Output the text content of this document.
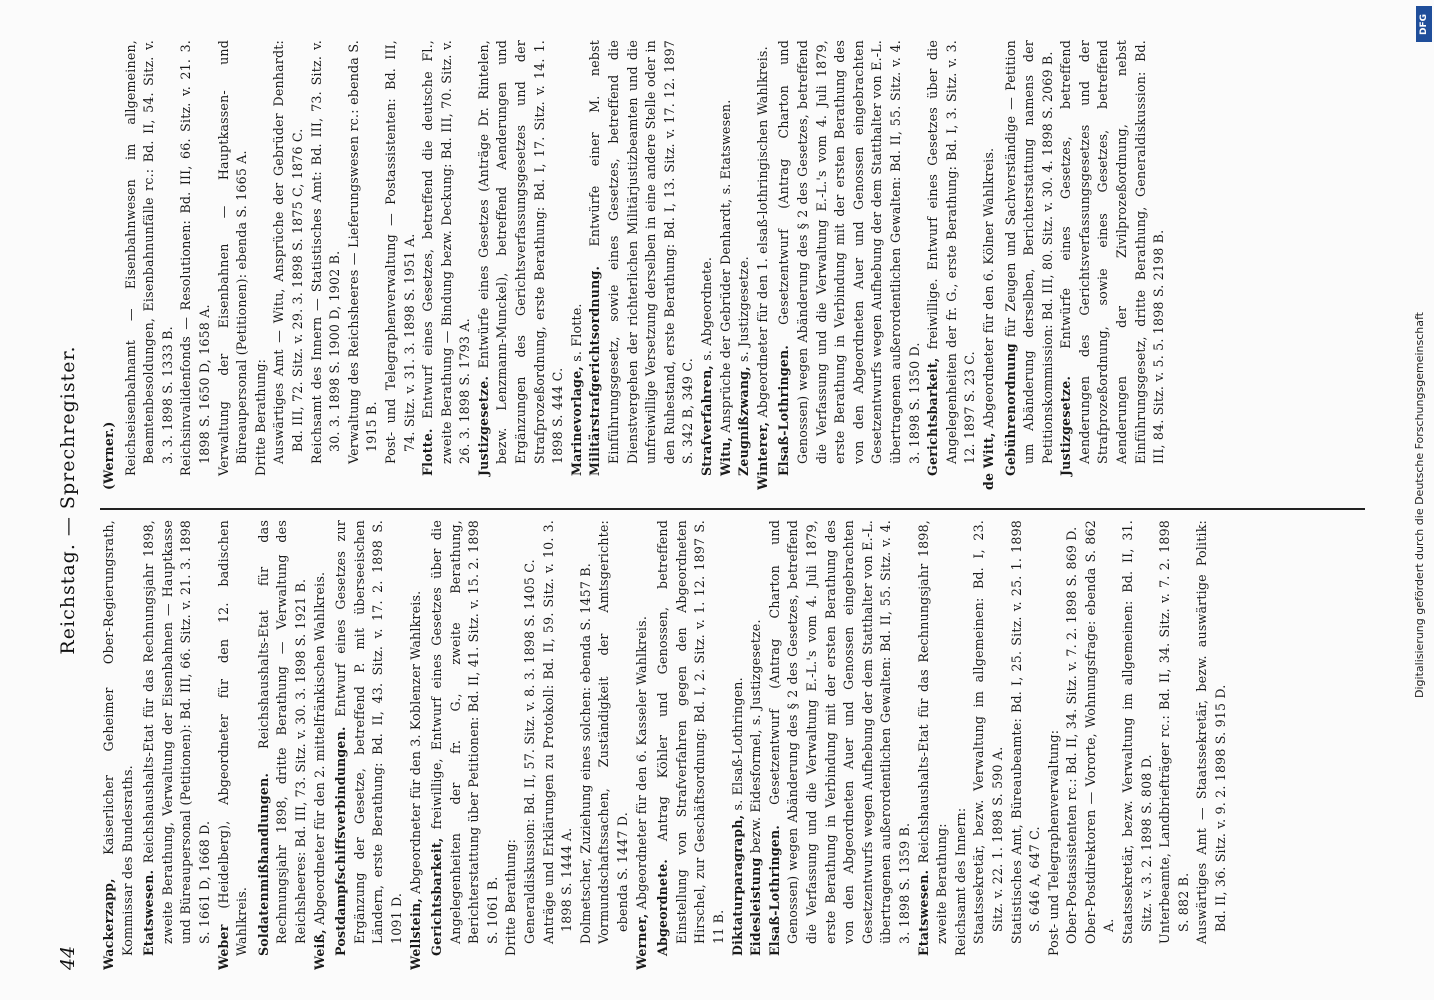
44
Reichstag. — Sprechregister.

Wackerzapp, Kaiserlicher Geheimer Ober-Regierungsrath, Kommissar des Bundesraths. Etatswesen. Reichshaushalts-Etat für das Rechnungsjahr 1898, zweite Berathung, Verwaltung der Eisenbahnen — Hauptkasse und Büreaupersonal (Petitionen): Bd. III, 66. Sitz. v. 21. 3. 1898 S. 1661 D, 1668 D.

Weber (Heidelberg), Abgeordneter für den 12. badischen Wahlkreis. Soldatenmißhandlungen. Reichshaushalts-Etat für das Rechnungsjahr 1898, dritte Berathung — Verwaltung des Reichsheeres: Bd. III, 73. Sitz. v. 30. 3. 1898 S. 1921 B.

Weiß, Abgeordneter für den 2. mittelfränkischen Wahlkreis. Postdampfschiffsverbindungen. Entwurf eines Gesetzes zur Ergänzung der Gesetze, betreffend P. mit überseeischen Ländern, erste Berathung: Bd. II, 43. Sitz. v. 17. 2. 1898 S. 1091 D. Wellstein, Abgeordneter für den 3. Koblenzer Wahlkreis.

Gerichtsbarkeit, freiwillige, Entwurf eines Gesetzes über die Angelegenheiten der fr. G., zweite Berathung, Berichterstattung über Petitionen: Bd. II, 41. Sitz. v. 15. 2. 1898 S. 1061 B. Dritte Berathung: Generaldiskussion: Bd. II, 57. Sitz. v. 8. 3. 1898 S. 1405 C. Anträge und Erklärungen zu Protokoll: Bd. II, 59. Sitz. v. 10. 3. 1898 S. 1444 A. Dolmetscher, Zuziehung eines solchen: ebenda S. 1457 B. Vormundschaftssachen, Zuständigkeit der Amtsgerichte: ebenda S. 1447 D.

Werner, Abgeordneter für den 6. Kasseler Wahlkreis. Abgeordnete. Antrag Köhler und Genossen, betreffend Einstellung von Strafverfahren gegen den Abgeordneten Hirschel, zur Geschäftsordnung: Bd. I, 2. Sitz. v. 1. 12. 1897 S. 11 B. Diktaturparagraph, s. Elsaß-Lothringen.

Eidesleistung bezw. Eidesformel, s. Justizgesetze.

Elsaß-Lothringen. Gesetzentwurf (Antrag Charton und Genossen) wegen Abänderung des § 2 des Gesetzes, betreffend die Verfassung und die Verwaltung E.-L.'s vom 4. Juli 1879, erste Berathung in Verbindung mit der ersten Berathung des von den Abgeordneten Auer und Genossen eingebrachten Gesetzentwurfs wegen Aufhebung der dem Statthalter von E.-L. übertragenen außerordentlichen Gewalten: Bd. II, 55. Sitz. v. 4. 3. 1898 S. 1359 B. Etatswesen. Reichshaushalts-Etat für das Rechnungsjahr 1898, zweite Berathung: Reichsamt des Innern: Staatssekretär, bezw. Verwaltung im allgemeinen: Bd. I, 23. Sitz. v. 22. 1. 1898 S. 590 A. Statistisches Amt, Büreaubeamte: Bd. I, 25. Sitz. v. 25. 1. 1898 S. 646 A, 647 C. Post- und Telegraphenverwaltung: Ober-Postassistenten rc.: Bd. II, 34. Sitz. v. 7. 2. 1898 S. 869 D. Ober-Postdirektoren — Vororte, Wohnungsfrage: ebenda S. 862 A. Staatssekretär, bezw. Verwaltung im allgemeinen: Bd. II, 31. Sitz. v. 3. 2. 1898 S. 808 D. Unterbeamte, Landbriefträger rc.: Bd. II, 34. Sitz. v. 7. 2. 1898 S. 882 B. Auswärtiges Amt — Staatssekretär, bezw. auswärtige Politik: Bd. II, 36. Sitz. v. 9. 2. 1898 S. 915 D.

(Werner.) Reichseisenbahnamt — Eisenbahnwesen im allgemeinen, Beamtenbesoldungen, Eisenbahnunfälle rc.: Bd. II, 54. Sitz. v. 3. 3. 1898 S. 1333 B. Reichsinvalidenfonds — Resolutionen: Bd. III, 66. Sitz. v. 21. 3. 1898 S. 1650 D, 1658 A. Verwaltung der Eisenbahnen — Hauptkassen- und Büreaupersonal (Petitionen): ebenda S. 1665 A. Dritte Berathung: Auswärtiges Amt — Witu, Ansprüche der Gebrüder Denhardt: Bd. III, 72. Sitz. v. 29. 3. 1898 S. 1875 C, 1876 C. Reichsamt des Innern — Statistisches Amt: Bd. III, 73. Sitz. v. 30. 3. 1898 S. 1900 D, 1902 B. Verwaltung des Reichsheeres — Lieferungswesen rc.: ebenda S. 1915 B. Post- und Telegraphenverwaltung — Postassistenten: Bd. III, 74. Sitz. v. 31. 3. 1898 S. 1951 A.

Flotte. Entwurf eines Gesetzes, betreffend die deutsche Fl., zweite Berathung — Bindung bezw. Deckung: Bd. III, 70. Sitz. v. 26. 3. 1898 S. 1793 A. Justizgesetze. Entwürfe eines Gesetzes (Anträge Dr. Rintelen, bezw. Lenzmann-Munckel), betreffend Aenderungen und Ergänzungen des Gerichtsverfassungsgesetzes und der Strafprozeßordnung, erste Berathung: Bd. I, 17. Sitz. v. 14. 1. 1898 S. 444 C. Marinevorlage, s. Flotte. Militärstrafgerichtsordnung. Entwürfe einer M. nebst Einführungsgesetz, sowie eines Gesetzes, betreffend die Dienstvergehen der richterlichen Militärjustizbeamten und die unfreiwillige Versetzung derselben in eine andere Stelle oder in den Ruhestand, erste Berathung: Bd. I, 13. Sitz. v. 17. 12. 1897 S. 342 B, 349 C. Strafverfahren, s. Abgeordnete.

Witu, Ansprüche der Gebrüder Denhardt, s. Etatswesen. Zeugnißzwang, s. Justizgesetze.

Winterer, Abgeordneter für den 1. elsaß-lothringischen Wahlkreis. Elsaß-Lothringen. Gesetzentwurf (Antrag Charton und Genossen) wegen Abänderung des § 2 des Gesetzes, betreffend die Verfassung und die Verwaltung E.-L.'s vom 4. Juli 1879, erste Berathung in Verbindung mit der ersten Berathung des von den Abgeordneten Auer und Genossen eingebrachten Gesetzentwurfs wegen Aufhebung der dem Statthalter von E.-L. übertragenen außerordentlichen Gewalten: Bd. II, 55. Sitz. v. 4. 3. 1898 S. 1350 D. Gerichtsbarkeit, freiwillige. Entwurf eines Gesetzes über die Angelegenheiten der fr. G., erste Berathung: Bd. I, 3. Sitz. v. 3. 12. 1897 S. 23 C. de Witt, Abgeordneter für den 6. Kölner Wahlkreis. Gebührenordnung für Zeugen und Sachverständige — Petition um Abänderung derselben, Berichterstattung namens der Petitionskommission: Bd. III, 80. Sitz. v. 30. 4. 1898 S. 2069 B. Justizgesetze. Entwürfe eines Gesetzes, betreffend Aenderungen des Gerichtsverfassungsgesetzes und der Strafprozeßordnung, sowie eines Gesetzes, betreffend Aenderungen der Zivilprozeßordnung, nebst Einführungsgesetz, dritte Berathung, Generaldiskussion: Bd. III, 84. Sitz. v. 5. 5. 1898 S. 2198 B.	Digitalisierung gefördert durch die Deutsche Forschungsgemeinschaft
DFG
